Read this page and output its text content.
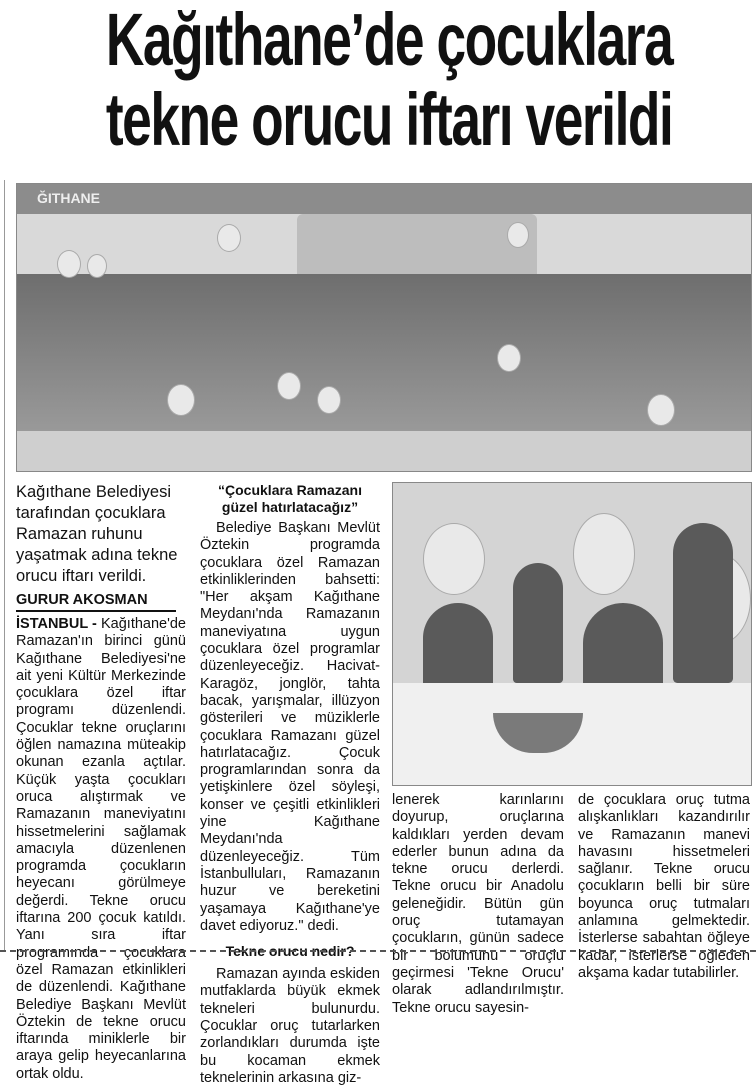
Kağıthane’de çocuklara
tekne orucu iftarı verildi
ĞITHANE
Kağıthane Belediyesi tarafından çocuklara Ramazan ruhunu yaşatmak adına tekne orucu iftarı verildi.
GURUR AKOSMAN
İSTANBUL - Kağıthane'de Ramazan'ın birinci günü Kağıthane Belediyesi'ne ait yeni Kültür Merkezinde çocuklara özel iftar programı düzenlendi. Çocuklar tekne oruçlarını öğlen namazına müteakip okunan ezanla açtılar. Küçük yaşta çocukları oruca alıştırmak ve Ramazanın maneviyatını hissetmelerini sağlamak amacıyla düzenlenen programda çocukların heyecanı görülmeye değerdi. Tekne orucu iftarına 200 çocuk katıldı. Yanı sıra iftar programında çocuklara özel Ramazan etkinlikleri de düzenlendi. Kağıthane Belediye Başkanı Mevlüt Öztekin de tekne orucu iftarında miniklerle bir araya gelip heyecanlarına ortak oldu.
“Çocuklara Ramazanı güzel hatırlatacağız”
Belediye Başkanı Mevlüt Öztekin programda çocuklara özel Ramazan etkinliklerinden bahsetti: "Her akşam Kağıthane Meydanı'nda Ramazanın maneviyatına uygun çocuklara özel programlar düzenleyeceğiz. Hacivat-Karagöz, jonglör, tahta bacak, yarışmalar, illüzyon gösterileri ve müziklerle çocuklara Ramazanı güzel hatırlatacağız. Çocuk programlarından sonra da yetişkinlere özel söyleşi, konser ve çeşitli etkinlikleri yine Kağıthane Meydanı'nda düzenleyeceğiz. Tüm İstanbulluları, Ramazanın huzur ve bereketini yaşamaya Kağıthane'ye davet ediyoruz." dedi.
Tekne orucu nedir?
Ramazan ayında eskiden mutfaklarda büyük ekmek tekneleri bulunurdu. Çocuklar oruç tutarlarken zorlandıkları durumda işte bu kocaman ekmek teknelerinin arkasına giz-
lenerek karınlarını doyurup, oruçlarına kaldıkları yerden devam ederler bunun adına da tekne orucu derlerdi. Tekne orucu bir Anadolu geleneğidir. Bütün gün oruç tutamayan çocukların, günün sadece bir bölümünü oruçlu geçirmesi 'Tekne Orucu' olarak adlandırılmıştır. Tekne orucu sayesin-
de çocuklara oruç tutma alışkanlıkları kazandırılır ve Ramazanın manevi havasını hissetmeleri sağlanır. Tekne orucu çocukların belli bir süre boyunca oruç tutmaları anlamına gelmektedir. İsterlerse sabahtan öğleye kadar, isterlerse öğleden akşama kadar tutabilirler.
